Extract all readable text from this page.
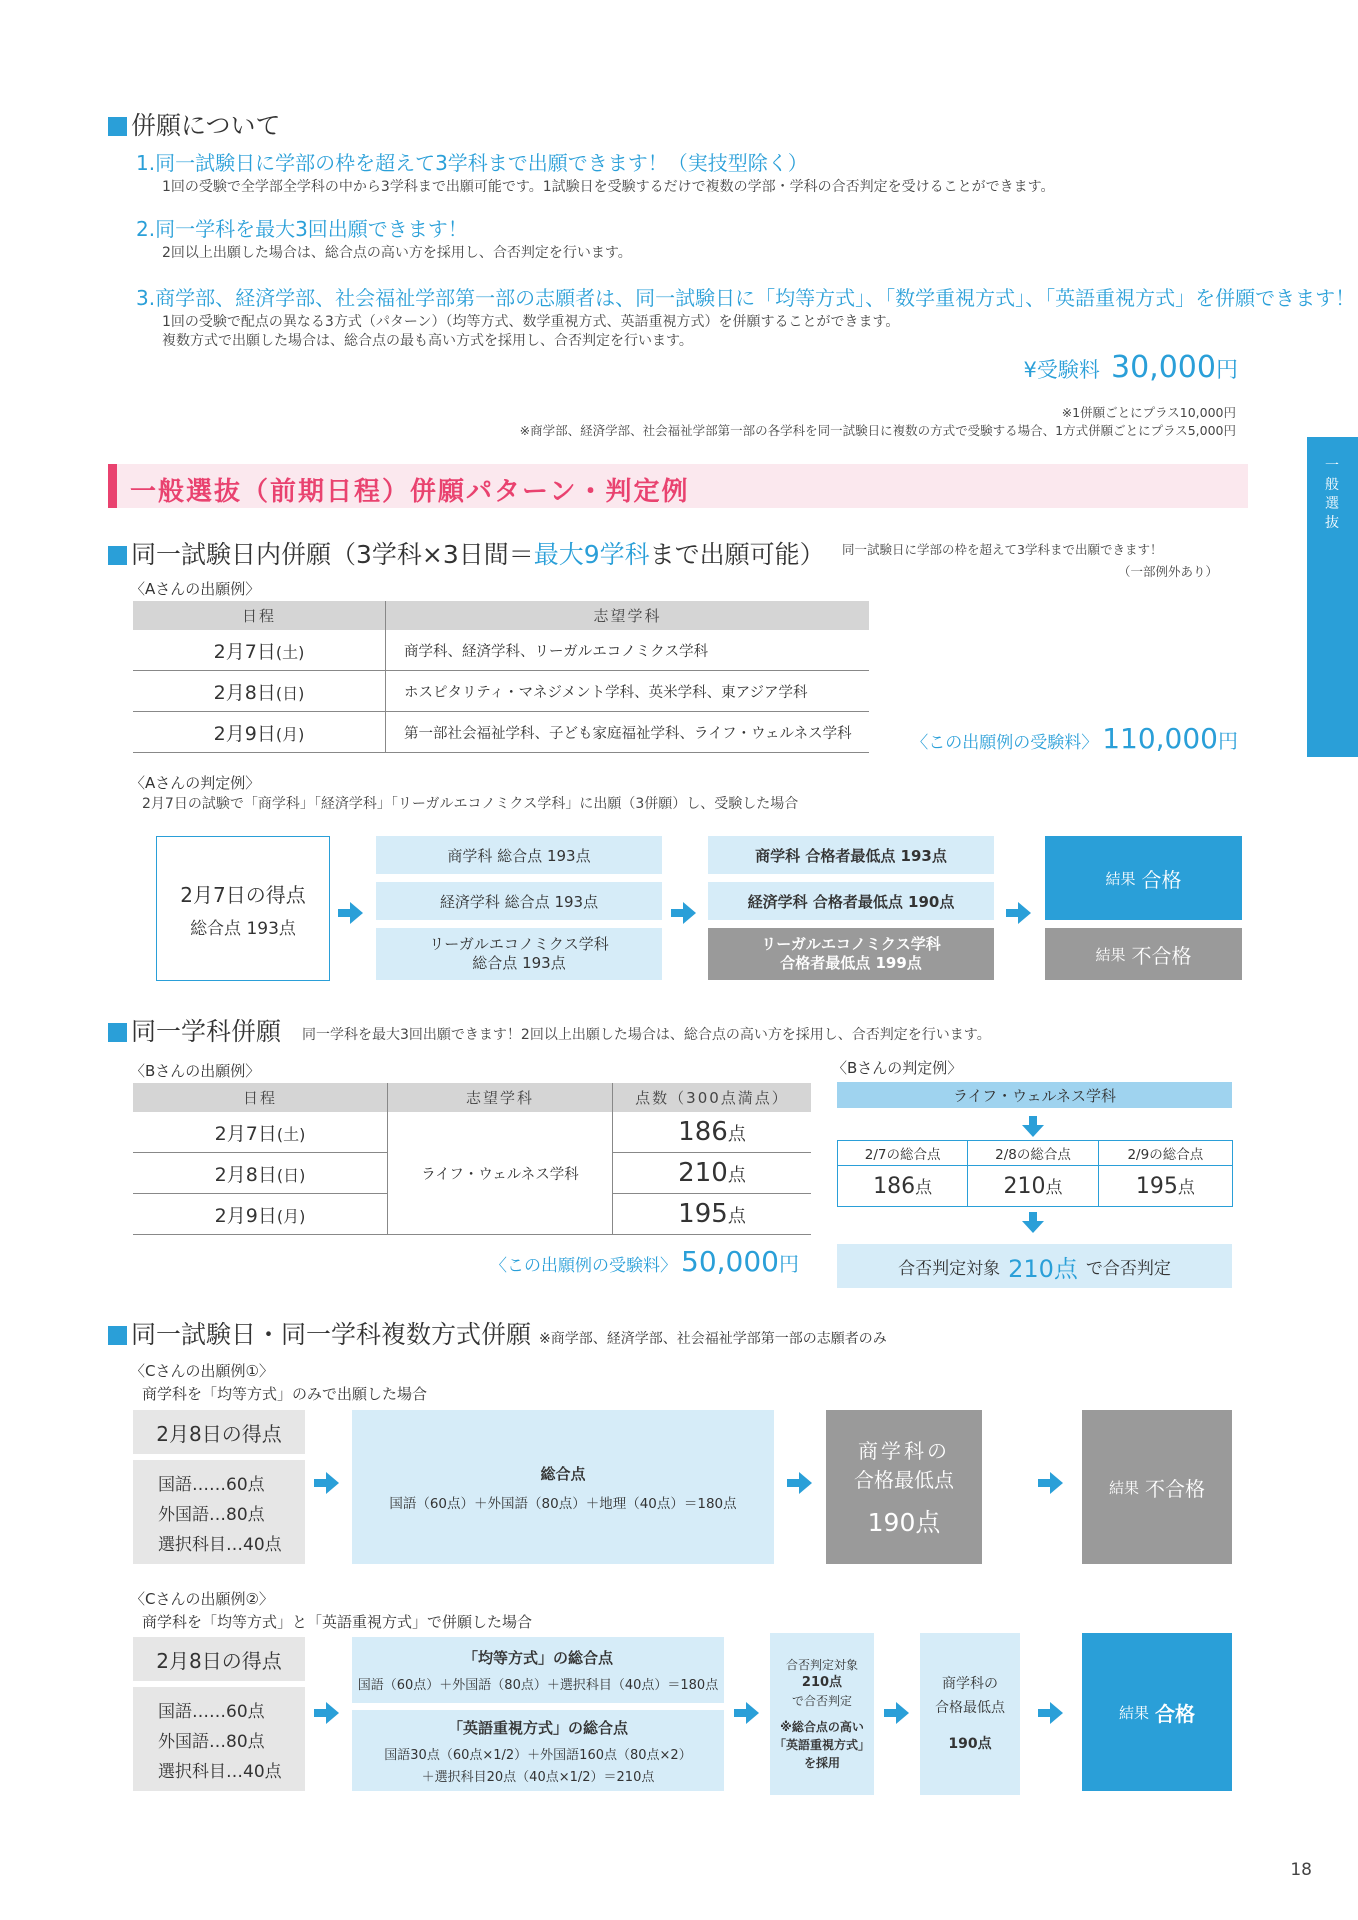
併願について
1.同一試験日に学部の枠を超えて3学科まで出願できます！（実技型除く）
1回の受験で全学部全学科の中から3学科まで出願可能です。1試験日を受験するだけで複数の学部・学科の合否判定を受けることができます。
2.同一学科を最大3回出願できます！
2回以上出願した場合は、総合点の高い方を採用し、合否判定を行います。
3.商学部、経済学部、社会福祉学部第一部の志願者は、同一試験日に「均等方式」、「数学重視方式」、「英語重視方式」を併願できます！
1回の受験で配点の異なる3方式（パターン）（均等方式、数学重視方式、英語重視方式）を併願することができます。
複数方式で出願した場合は、総合点の最も高い方式を採用し、合否判定を行います。
¥受験料 30,000円
※1併願ごとにプラス10,000円
※商学部、経済学部、社会福祉学部第一部の各学科を同一試験日に複数の方式で受験する場合、1方式併願ごとにプラス5,000円
一般選抜（前期日程）併願パターン・判定例
一般選抜
同一試験日内併願（3学科×3日間＝最大9学科まで出願可能） 同一試験日に学部の枠を超えて3学科まで出願できます！
（一部例外あり）
〈Aさんの出願例〉
日程	志望学科
2月7日(土)	商学科、経済学科、リーガルエコノミクス学科
2月8日(日)	ホスピタリティ・マネジメント学科、英米学科、東アジア学科
2月9日(月)	第一部社会福祉学科、子ども家庭福祉学科、ライフ・ウェルネス学科	〈この出願例の受験料〉 110,000円
〈Aさんの判定例〉
2月7日の試験で「商学科」「経済学科」「リーガルエコノミクス学科」に出願（3併願）し、受験した場合
2月7日の得点
総合点 193点
商学科 総合点 193点
経済学科 総合点 193点
リーガルエコノミクス学科
総合点 193点
商学科 合格者最低点 193点
経済学科 合格者最低点 190点
リーガルエコノミクス学科
合格者最低点 199点
結果 合格
結果 不合格
同一学科併願 同一学科を最大3回出願できます！2回以上出願した場合は、総合点の高い方を採用し、合否判定を行います。
〈Bさんの出願例〉
日程	志望学科	点数（300点満点）
2月7日(土)	ライフ・ウェルネス学科	186点
2月8日(日)		210点
2月9日(月)		195点
〈この出願例の受験料〉 50,000円
〈Bさんの判定例〉
ライフ・ウェルネス学科
2/7の総合点	2/8の総合点	2/9の総合点
186点	210点	195点
合否判定対象 210点 で合否判定
同一試験日・同一学科複数方式併願 ※商学部、経済学部、社会福祉学部第一部の志願者のみ
〈Cさんの出願例①〉
商学科を「均等方式」のみで出願した場合
2月8日の得点
国語……60点
外国語…80点
選択科目…40点
総合点
国語（60点）＋外国語（80点）＋地理（40点）＝180点
商学科の
合格最低点
190点
結果 不合格
〈Cさんの出願例②〉
商学科を「均等方式」と「英語重視方式」で併願した場合
2月8日の得点
国語……60点
外国語…80点
選択科目…40点
「均等方式」の総合点
国語（60点）＋外国語（80点）＋選択科目（40点）＝180点
「英語重視方式」の総合点
国語30点（60点×1/2）＋外国語160点（80点×2）
＋選択科目20点（40点×1/2）＝210点
合否判定対象
210点
で合否判定
※総合点の高い
「英語重視方式」
を採用
商学科の
合格最低点
190点
結果 合格
18
